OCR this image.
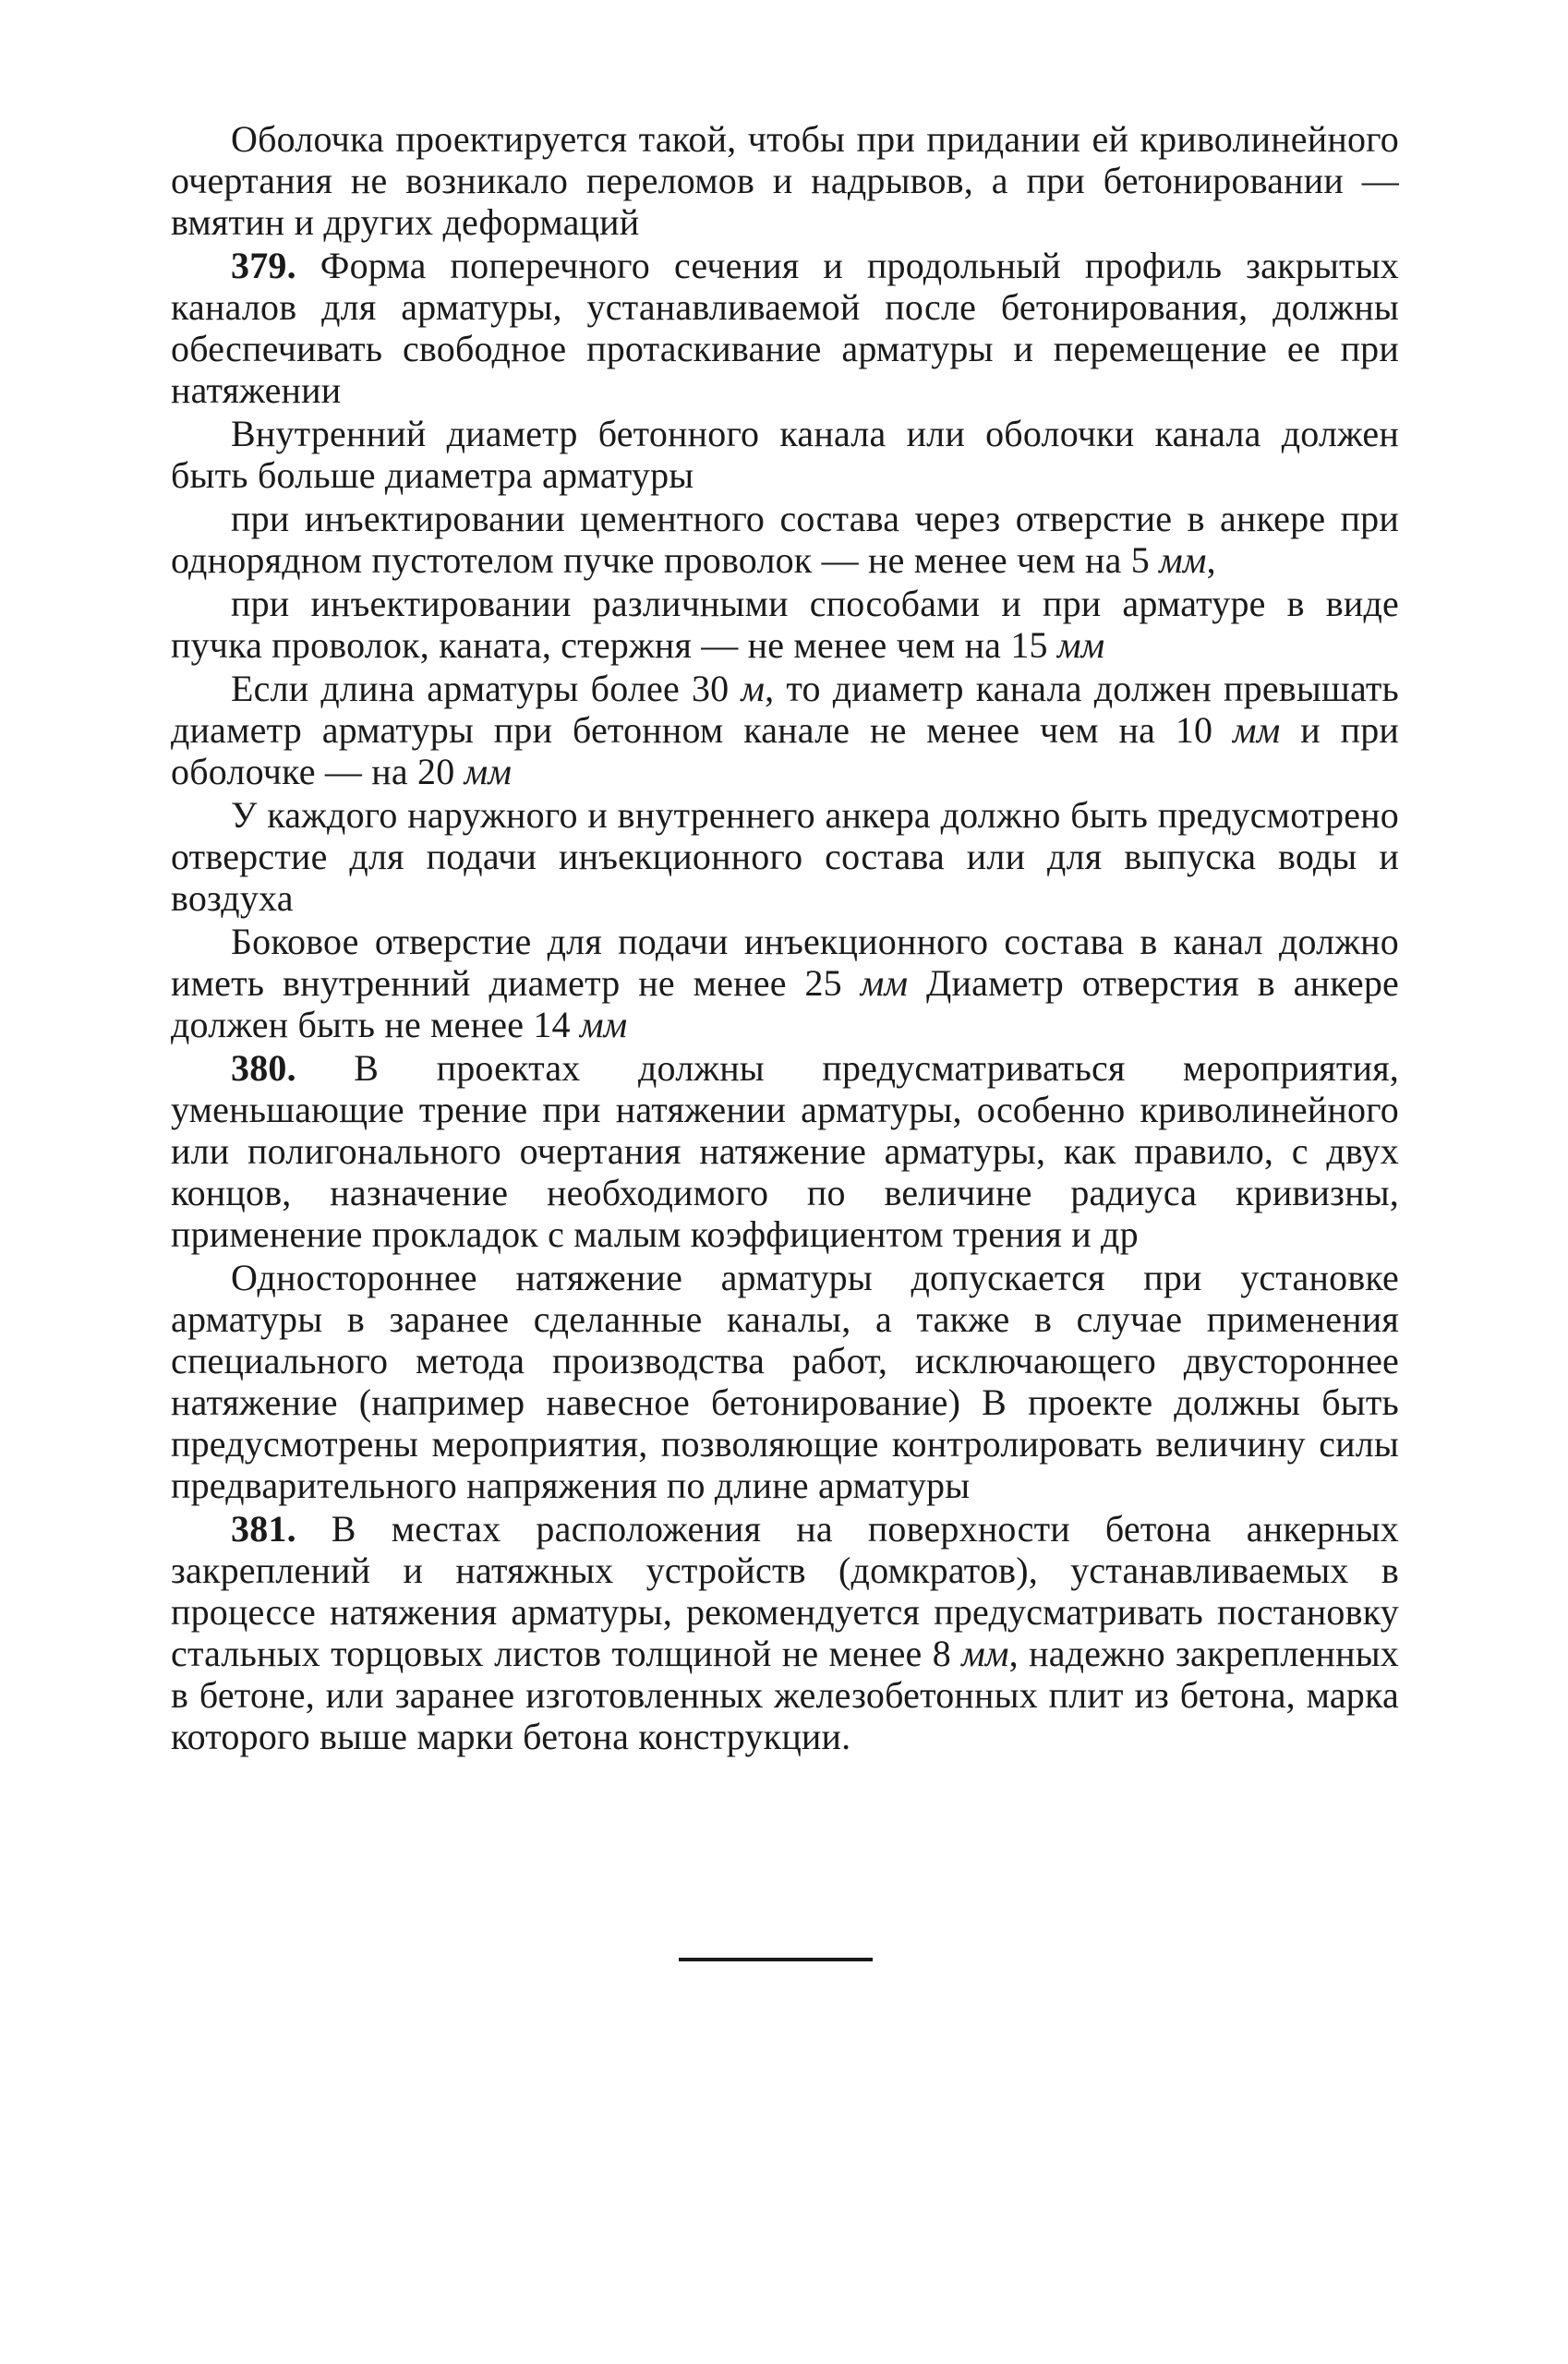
Оболочка проектируется такой, чтобы при придании ей криволинейного очертания не возникало переломов и надрывов, а при бетонировании — вмятин и других деформаций

379. Форма поперечного сечения и продольный профиль закрытых каналов для арматуры, устанавливаемой после бетонирования, должны обеспечивать свободное протаскивание арматуры и перемещение ее при натяжении

Внутренний диаметр бетонного канала или оболочки канала должен быть больше диаметра арматуры

при инъектировании цементного состава через отверстие в анкере при однорядном пустотелом пучке проволок — не менее чем на 5 мм,

при инъектировании различными способами и при арматуре в виде пучка проволок, каната, стержня — не менее чем на 15 мм

Если длина арматуры более 30 м, то диаметр канала должен превышать диаметр арматуры при бетонном канале не менее чем на 10 мм и при оболочке — на 20 мм

У каждого наружного и внутреннего анкера должно быть предусмотрено отверстие для подачи инъекционного состава или для выпуска воды и воздуха

Боковое отверстие для подачи инъекционного состава в канал должно иметь внутренний диаметр не менее 25 мм Диаметр отверстия в анкере должен быть не менее 14 мм

380. В проектах должны предусматриваться мероприятия, уменьшающие трение при натяжении арматуры, особенно криволинейного или полигонального очертания натяжение арматуры, как правило, с двух концов, назначение необходимого по величине радиуса кривизны, применение прокладок с малым коэффициентом трения и др

Одностороннее натяжение арматуры допускается при установке арматуры в заранее сделанные каналы, а также в случае применения специального метода производства работ, исключающего двустороннее натяжение (например навесное бетонирование) В проекте должны быть предусмотрены мероприятия, позволяющие контролировать величину силы предварительного напряжения по длине арматуры

381. В местах расположения на поверхности бетона анкерных закреплений и натяжных устройств (домкратов), устанавливаемых в процессе натяжения арматуры, рекомендуется предусматривать постановку стальных торцовых листов толщиной не менее 8 мм, надежно закрепленных в бетоне, или заранее изготовленных железобетонных плит из бетона, марка которого выше марки бетона конструкции.
